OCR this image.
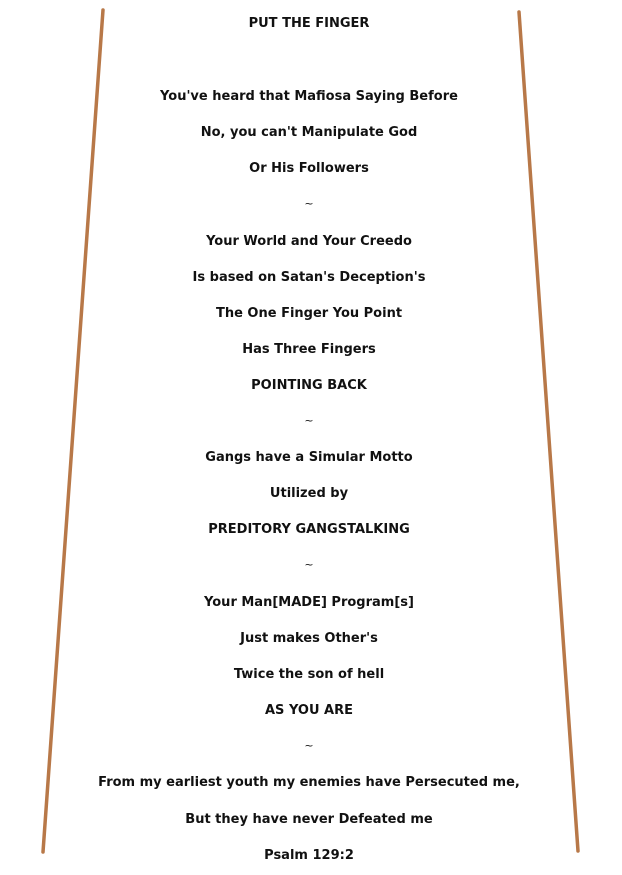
PUT THE FINGER
You've heard that Mafiosa Saying Before
No, you can't Manipulate God
Or His Followers
~
Your World and Your Creedo
Is based on Satan's Deception's
The One Finger You Point
Has Three Fingers
POINTING BACK
~
Gangs have a Simular Motto
Utilized by
PREDITORY GANGSTALKING
~
Your Man[MADE] Program[s]
Just makes Other's
Twice the son of hell
AS YOU ARE
~
From my earliest youth my enemies have Persecuted me,
But they have never Defeated me
Psalm 129:2
